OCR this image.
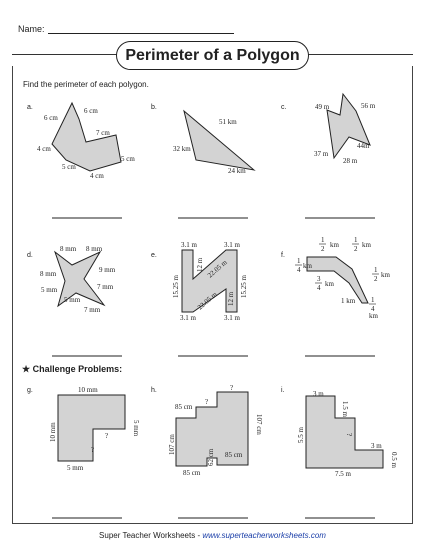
Name:
Perimeter of a Polygon
Find the perimeter of each polygon.
★ Challenge Problems:
a.	6 cm
6 cm
7 cm
4 cm
5 cm
5 cm
4 cm
b.
51 km
32 km
24 km
c.	49 m	56 m
44m
37 m
28 m
d.
8 mm 8 mm
8 mm	9 mm
5 mm
5 mm
7 mm
7 mm
e.
3.1 m	3.1 m
12 m 22.05 m
15.25 m	15.25 m
22.05 m 12 m
3.1 m	3.1 m
f.
1
2 km
1
2 km
1
4 km	1
2 km
3
4 km
1 km 1
4
km
g.	10 mm
10 mm	5 mm
?
?
5 mm
h.	?
85 cm
?
107 cm
107 cm
62 cm 85 cm
85 cm
i.	3 m
1.5 m
?
5.5 m
3 m
0.5 m
7.5 m
Super Teacher Worksheets - www.superteacherworksheets.com
